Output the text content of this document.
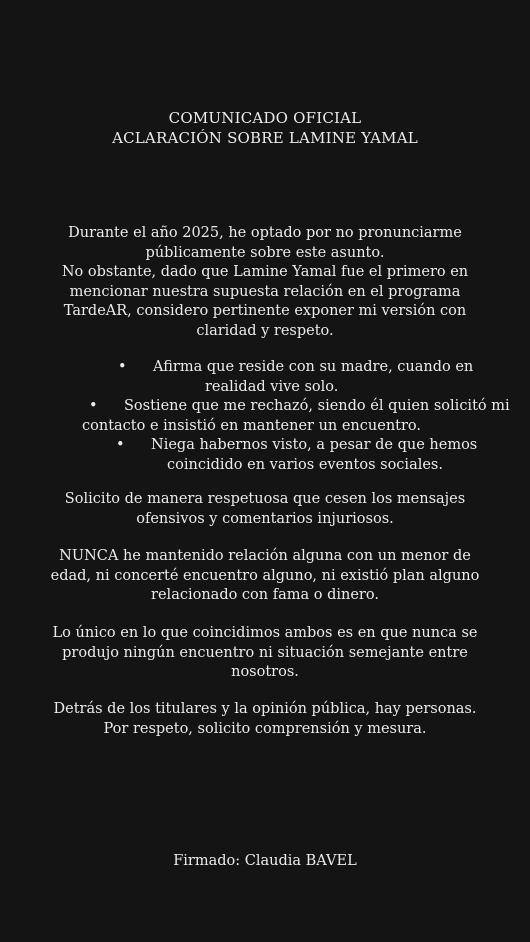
COMUNICADO OFICIAL
ACLARACIÓN SOBRE LAMINE YAMAL
Durante el año 2025, he optado por no pronunciarme
públicamente sobre este asunto.
No obstante, dado que Lamine Yamal fue el primero en
mencionar nuestra supuesta relación en el programa
TardeAR, considero pertinente exponer mi versión con
claridad y respeto.
• Afirma que reside con su madre, cuando en
realidad vive solo.
• Sostiene que me rechazó, siendo él quien solicitó mi
contacto e insistió en mantener un encuentro.
• Niega habernos visto, a pesar de que hemos
coincidido en varios eventos sociales.
Solicito de manera respetuosa que cesen los mensajes
ofensivos y comentarios injuriosos.
NUNCA he mantenido relación alguna con un menor de
edad, ni concerté encuentro alguno, ni existió plan alguno
relacionado con fama o dinero.
Lo único en lo que coincidimos ambos es en que nunca se
produjo ningún encuentro ni situación semejante entre
nosotros.
Detrás de los titulares y la opinión pública, hay personas.
Por respeto, solicito comprensión y mesura.
Firmado: Claudia BAVEL
